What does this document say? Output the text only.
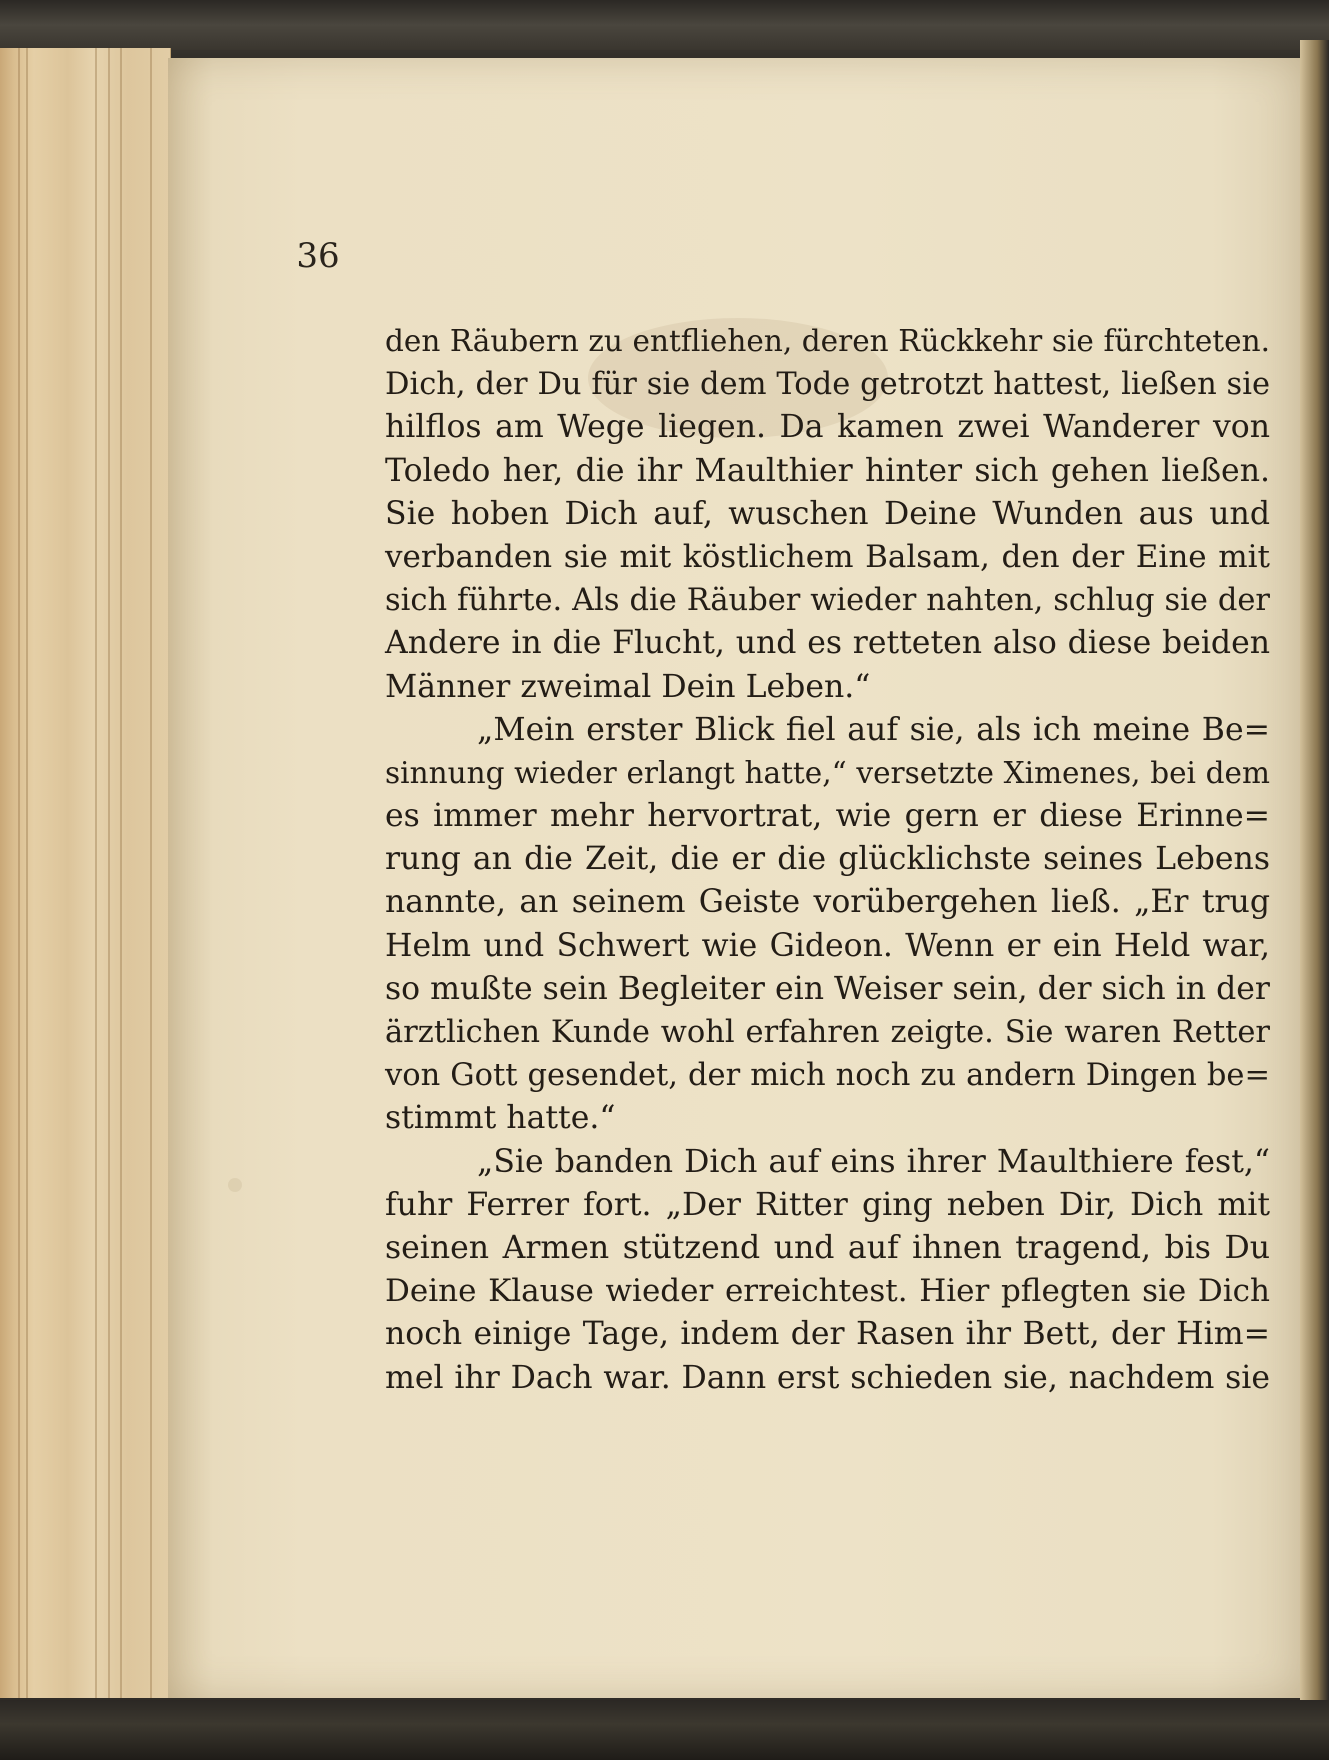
36
den Räubern zu entfliehen, deren Rückkehr sie fürchteten.
Dich, der Du für sie dem Tode getrotzt hattest, ließen sie
hilflos am Wege liegen. Da kamen zwei Wanderer von
Toledo her, die ihr Maulthier hinter sich gehen ließen.
Sie hoben Dich auf, wuschen Deine Wunden aus und
verbanden sie mit köstlichem Balsam, den der Eine mit
sich führte. Als die Räuber wieder nahten, schlug sie der
Andere in die Flucht, und es retteten also diese beiden
Männer zweimal Dein Leben.“
„Mein erster Blick fiel auf sie, als ich meine Be=
sinnung wieder erlangt hatte,“ versetzte Ximenes, bei dem
es immer mehr hervortrat, wie gern er diese Erinne=
rung an die Zeit, die er die glücklichste seines Lebens
nannte, an seinem Geiste vorübergehen ließ. „Er trug
Helm und Schwert wie Gideon. Wenn er ein Held war,
so mußte sein Begleiter ein Weiser sein, der sich in der
ärztlichen Kunde wohl erfahren zeigte. Sie waren Retter
von Gott gesendet, der mich noch zu andern Dingen be=
stimmt hatte.“
„Sie banden Dich auf eins ihrer Maulthiere fest,“
fuhr Ferrer fort. „Der Ritter ging neben Dir, Dich mit
seinen Armen stützend und auf ihnen tragend, bis Du
Deine Klause wieder erreichtest. Hier pflegten sie Dich
noch einige Tage, indem der Rasen ihr Bett, der Him=
mel ihr Dach war. Dann erst schieden sie, nachdem sie
